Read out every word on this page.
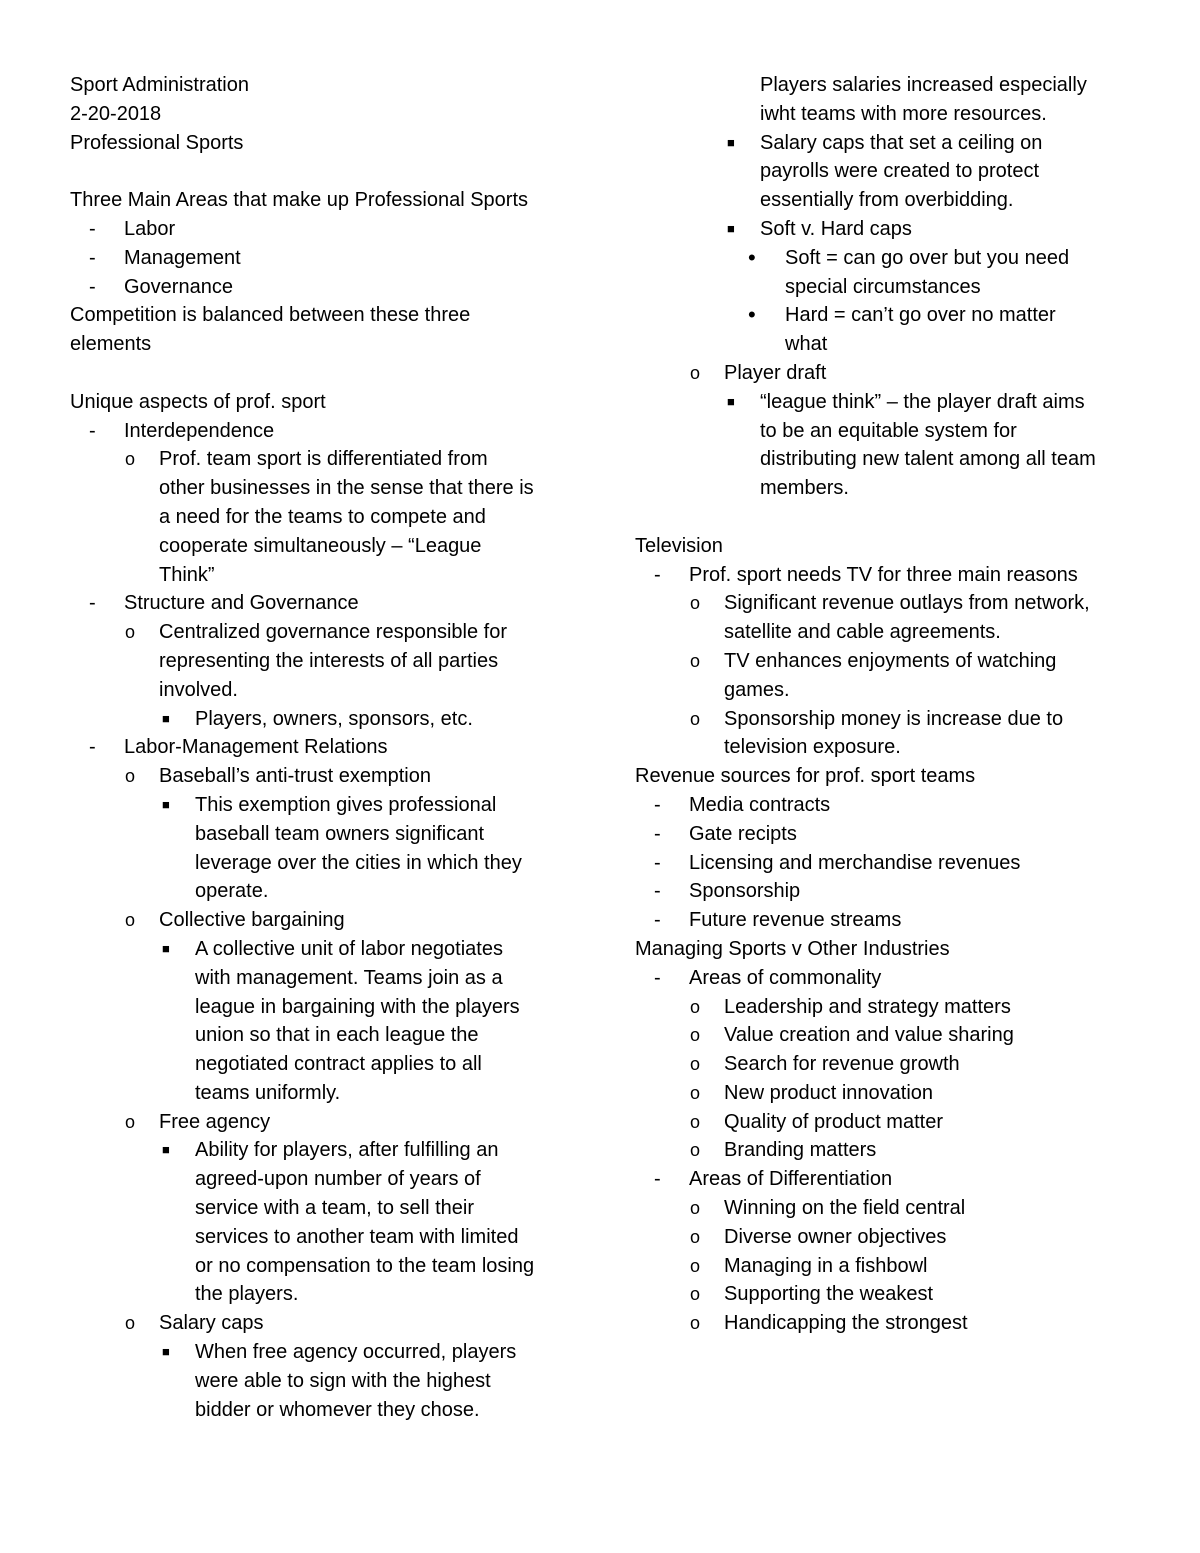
Sport Administration
2-20-2018
Professional Sports
Three Main Areas that make up Professional Sports
-	Labor
-	Management
-	Governance
Competition is balanced between these three
elements
Unique aspects of prof. sport
-	Interdependence
o	Prof. team sport is differentiated from
other businesses in the sense that there is
a need for the teams to compete and
cooperate simultaneously – “League
Think”
-	Structure and Governance
o	Centralized governance responsible for
representing the interests of all parties
involved.
■	Players, owners, sponsors, etc.
-	Labor-Management Relations
o	Baseball’s anti-trust exemption
■	This exemption gives professional
baseball team owners significant
leverage over the cities in which they
operate.
o	Collective bargaining
■	A collective unit of labor negotiates
with management. Teams join as a
league in bargaining with the players
union so that in each league the
negotiated contract applies to all
teams uniformly.
o	Free agency
■	Ability for players, after fulfilling an
agreed-upon number of years of
service with a team, to sell their
services to another team with limited
or no compensation to the team losing
the players.
o	Salary caps
■	When free agency occurred, players
were able to sign with the highest
bidder or whomever they chose.
Players salaries increased especially
iwht teams with more resources.
■	Salary caps that set a ceiling on
payrolls were created to protect
essentially from overbidding.
■	Soft v. Hard caps
•	Soft = can go over but you need
special circumstances
•	Hard = can’t go over no matter
what
o	Player draft
■	“league think” – the player draft aims
to be an equitable system for
distributing new talent among all team
members.
Television
-	Prof. sport needs TV for three main reasons
o	Significant revenue outlays from network,
satellite and cable agreements.
o	TV enhances enjoyments of watching
games.
o	Sponsorship money is increase due to
television exposure.
Revenue sources for prof. sport teams
-	Media contracts
-	Gate recipts
-	Licensing and merchandise revenues
-	Sponsorship
-	Future revenue streams
Managing Sports v Other Industries
-	Areas of commonality
o	Leadership and strategy matters
o	Value creation and value sharing
o	Search for revenue growth
o	New product innovation
o	Quality of product matter
o	Branding matters
-	Areas of Differentiation
o	Winning on the field central
o	Diverse owner objectives
o	Managing in a fishbowl
o	Supporting the weakest
o	Handicapping the strongest
